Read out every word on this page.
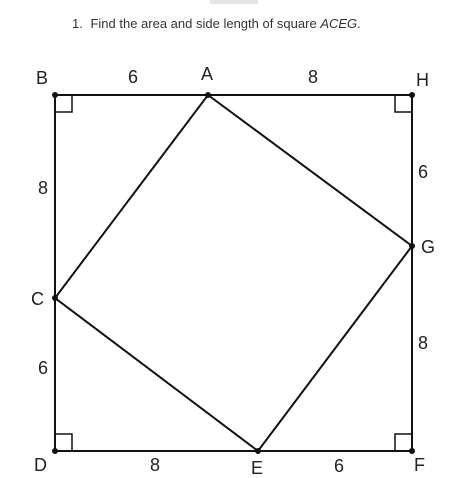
1. Find the area and side length of square ACEG.
B	A	H
G
C
D	E	F
6	8
6
8
6
8
6
8
